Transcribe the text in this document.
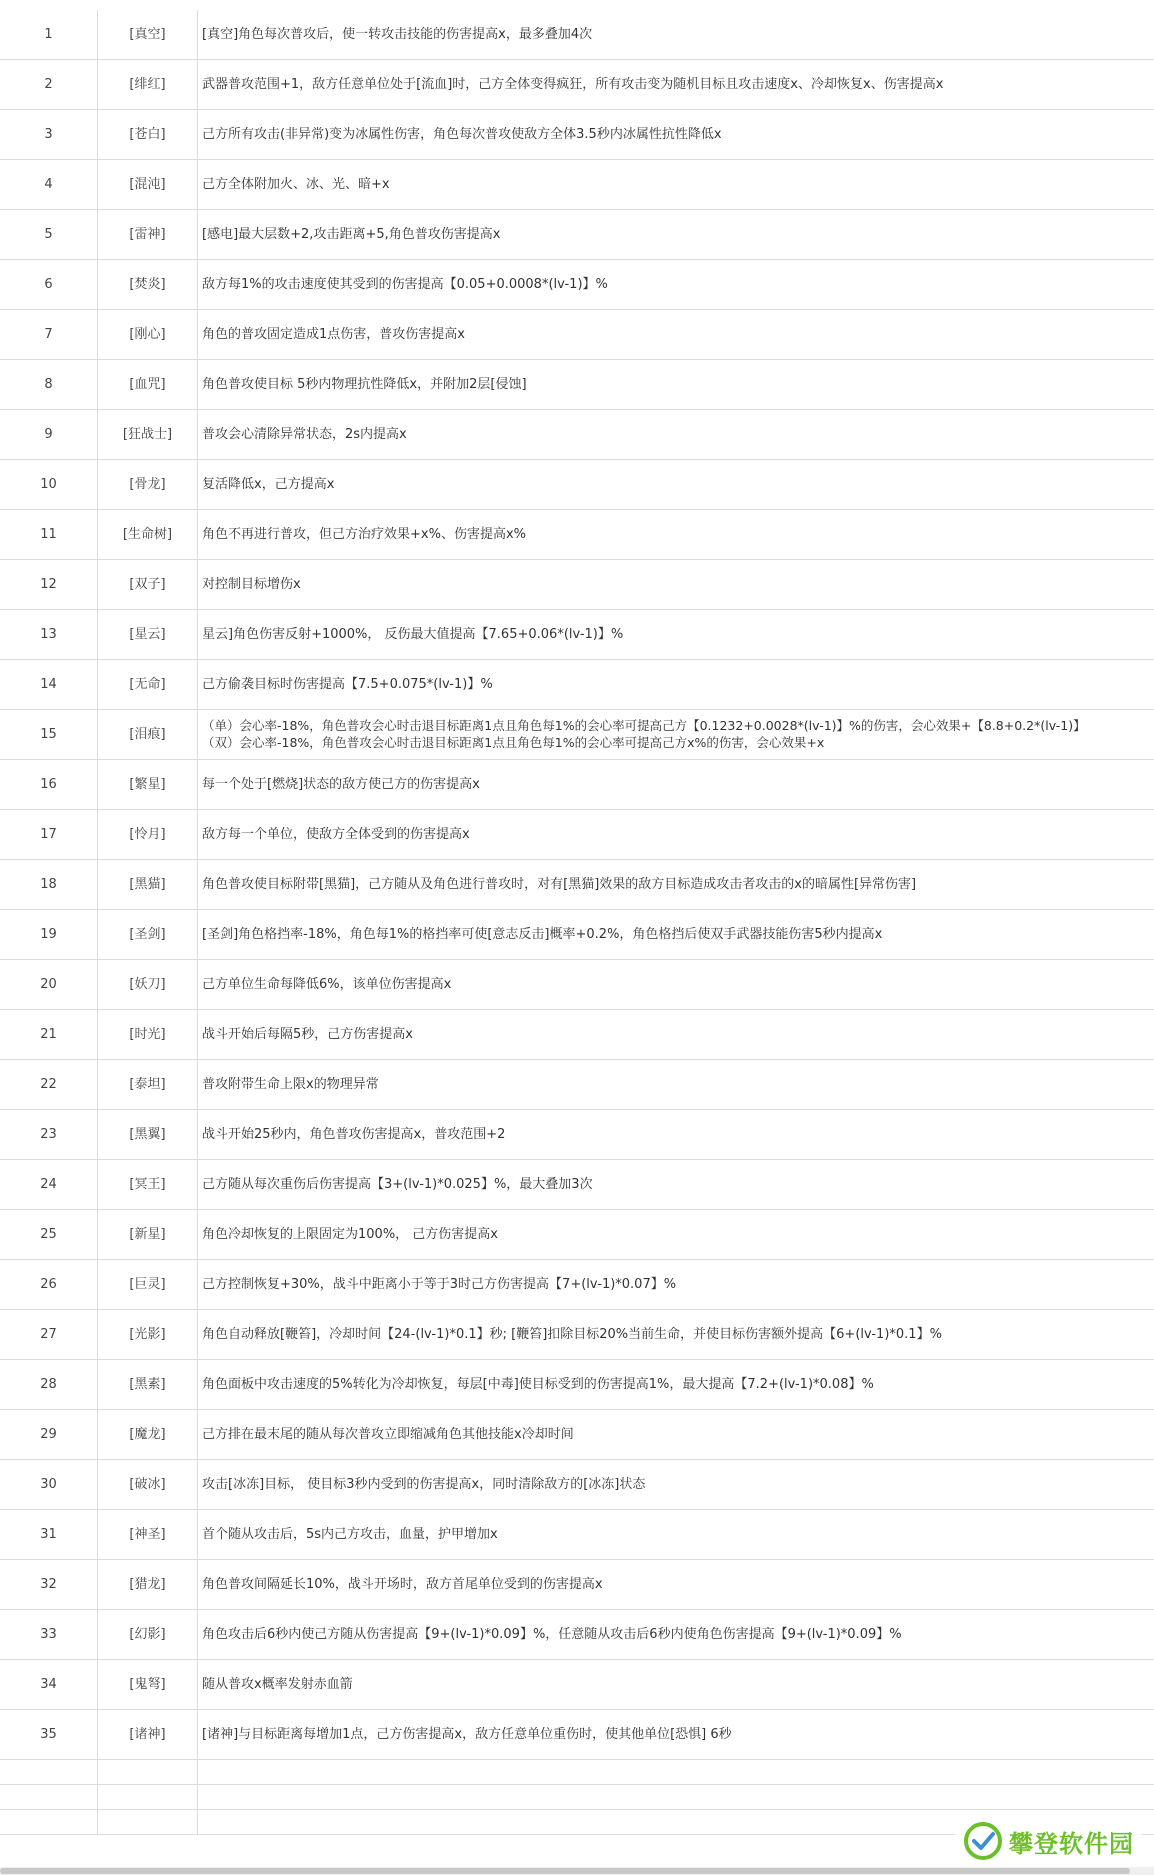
1	[真空]	[真空]角色每次普攻后，使一转攻击技能的伤害提高x，最多叠加4次
2	[绯红]	武器普攻范围+1，敌方任意单位处于[流血]时，己方全体变得疯狂，所有攻击变为随机目标且攻击速度x、冷却恢复x、伤害提高x
3	[苍白]	己方所有攻击(非异常)变为冰属性伤害，角色每次普攻使敌方全体3.5秒内冰属性抗性降低x
4	[混沌]	己方全体附加火、冰、光、暗+x
5	[雷神]	[感电]最大层数+2,攻击距离+5,角色普攻伤害提高x
6	[焚炎]	敌方每1%的攻击速度使其受到的伤害提高【0.05+0.0008*(lv-1)】%
7	[刚心]	角色的普攻固定造成1点伤害，普攻伤害提高x
8	[血咒]	角色普攻使目标 5秒内物理抗性降低x，并附加2层[侵蚀]
9	[狂战士]	普攻会心清除异常状态，2s内提高x
10	[骨龙]	复活降低x，己方提高x
11	[生命树]	角色不再进行普攻，但己方治疗效果+x%、伤害提高x%
12	[双子]	对控制目标增伤x
13	[星云]	星云]角色伤害反射+1000%， 反伤最大值提高【7.65+0.06*(lv-1)】%
14	[无命]	己方偷袭目标时伤害提高【7.5+0.075*(lv-1)】%
15	[泪痕]
（单）会心率-18%，角色普攻会心时击退目标距离1点且角色每1%的会心率可提高己方【0.1232+0.0028*(lv-1)】%的伤害，会心效果+【8.8+0.2*(lv-1)】
（双）会心率-18%，角色普攻会心时击退目标距离1点且角色每1%的会心率可提高己方x%的伤害，会心效果+x
16	[繁星]	每一个处于[燃烧]状态的敌方使己方的伤害提高x
17	[怜月]	敌方每一个单位，使敌方全体受到的伤害提高x
18	[黑猫]	角色普攻使目标附带[黑猫]，己方随从及角色进行普攻时，对有[黑猫]效果的敌方目标造成攻击者攻击的x的暗属性[异常伤害]
19	[圣剑]	[圣剑]角色格挡率-18%，角色每1%的格挡率可使[意志反击]概率+0.2%，角色格挡后使双手武器技能伤害5秒内提高x
20	[妖刀]	己方单位生命每降低6%，该单位伤害提高x
21	[时光]	战斗开始后每隔5秒，己方伤害提高x
22	[泰坦]	普攻附带生命上限x的物理异常
23	[黑翼]	战斗开始25秒内，角色普攻伤害提高x，普攻范围+2
24	[冥王]	己方随从每次重伤后伤害提高【3+(lv-1)*0.025】%，最大叠加3次
25	[新星]	角色冷却恢复的上限固定为100%， 己方伤害提高x
26	[巨灵]	己方控制恢复+30%，战斗中距离小于等于3时己方伤害提高【7+(lv-1)*0.07】%
27	[光影]	角色自动释放[鞭笞]，冷却时间【24-(lv-1)*0.1】秒; [鞭笞]扣除目标20%当前生命，并使目标伤害额外提高【6+(lv-1)*0.1】%
28	[黑素]	角色面板中攻击速度的5%转化为冷却恢复，每层[中毒]使目标受到的伤害提高1%，最大提高【7.2+(lv-1)*0.08】%
29	[魔龙]	己方排在最末尾的随从每次普攻立即缩减角色其他技能x冷却时间
30	[破冰]	攻击[冰冻]目标， 使目标3秒内受到的伤害提高x，同时清除敌方的[冰冻]状态
31	[神圣]	首个随从攻击后，5s内己方攻击，血量，护甲增加x
32	[猎龙]	角色普攻间隔延长10%，战斗开场时，敌方首尾单位受到的伤害提高x
33	[幻影]	角色攻击后6秒内使己方随从伤害提高【9+(lv-1)*0.09】%，任意随从攻击后6秒内使角色伤害提高【9+(lv-1)*0.09】%
34	[鬼弩]	随从普攻x概率发射赤血箭
35	[诸神]	[诸神]与目标距离每增加1点，己方伤害提高x，敌方任意单位重伤时，使其他单位[恐惧] 6秒
攀登软件园
